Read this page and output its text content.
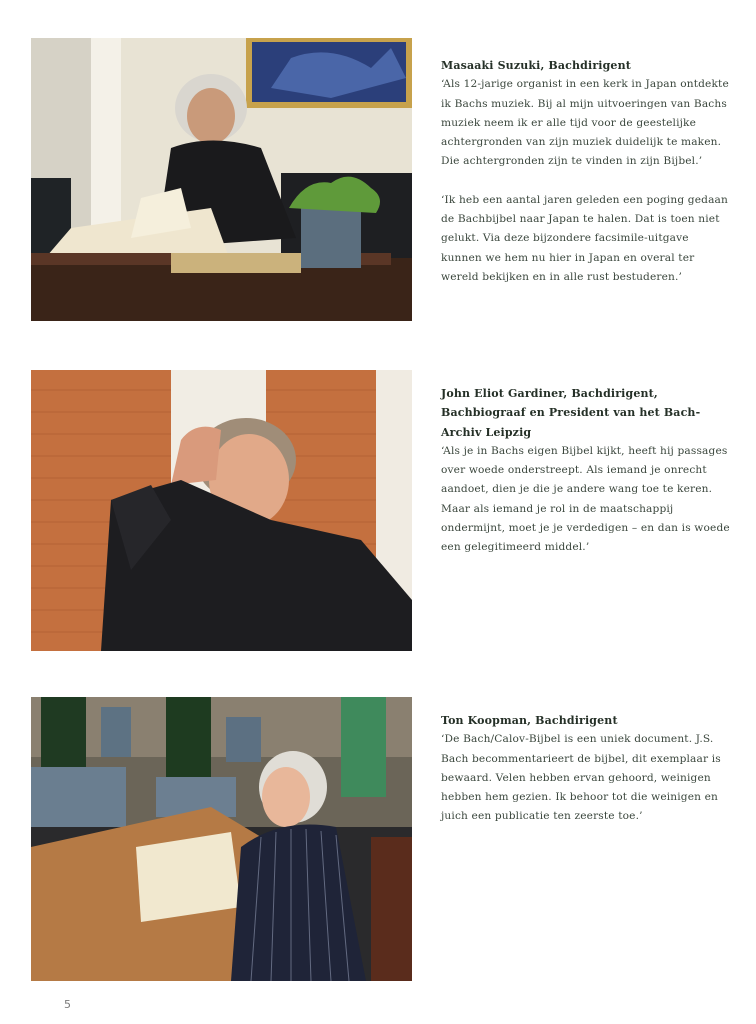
Masaaki Suzuki, Bachdirigent

‘Als 12-jarige organist in een kerk in Japan ontdekte ik Bachs muziek. Bij al mijn uitvoeringen van Bachs muziek neem ik er alle tijd voor de geestelijke achtergronden van zijn muziek duidelijk te maken. Die achtergronden zijn te vinden in zijn Bijbel.’

‘Ik heb een aantal jaren geleden een poging gedaan de Bachbijbel naar Japan te halen. Dat is toen niet gelukt. Via deze bijzondere facsimile-uitgave kunnen we hem nu hier in Japan en overal ter wereld bekijken en in alle rust bestuderen.’

John Eliot Gardiner, Bachdirigent, Bachbiograaf en President van het Bach-Archiv Leipzig

‘Als je in Bachs eigen Bijbel kijkt, heeft hij passages over woede onderstreept. Als iemand je onrecht aandoet, dien je die je andere wang toe te keren. Maar als iemand je rol in de maatschappij ondermijnt, moet je je verdedigen – en dan is woede een gelegitimeerd middel.’

Ton Koopman, Bachdirigent

‘De Bach/Calov-Bijbel is een uniek document. J.S. Bach becommentarieert de bijbel, dit exemplaar is bewaard. Velen hebben ervan gehoord, weinigen hebben hem gezien. Ik behoor tot die weinigen en juich een publicatie ten zeerste toe.’

5
